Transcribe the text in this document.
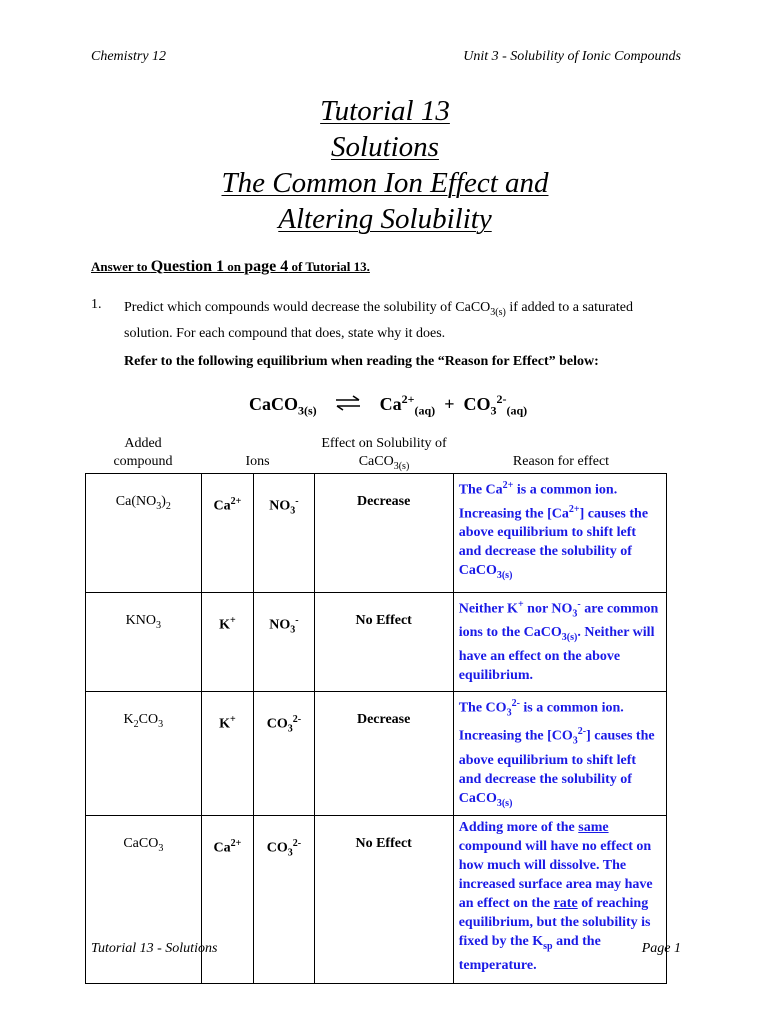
Chemistry 12	Unit 3 - Solubility of Ionic Compounds
Tutorial 13
Solutions
The Common Ion Effect and
Altering Solubility
Answer to Question 1 on page 4 of Tutorial 13.
1. Predict which compounds would decrease the solubility of CaCO$_{3(s)}$ if added to a saturated solution. For each compound that does, state why it does.
Refer to the following equilibrium when reading the “Reason for Effect” below:
CaCO$_{3(s)}$ ⇌ $Ca^{2+}_{(aq)} + CO_3^{2-}_{(aq)}$
Added
compound	Ions
Effect on Solubility of
CaCO$_{3(s)}$	Reason for effect
$Ca(NO_3)_2$	$Ca^{2+}$	$NO_3^-$	Decrease	The $Ca^{2+}$ is a common ion. Increasing the $[Ca^{2+}]$ causes the above equilibrium to shift left and decrease the solubility of CaCO$_{3(s)}$
$KNO_3$	K+	$NO_3^-$	No Effect	Neither K+ nor $NO_3^-$ are common ions to the CaCO$_{3(s)}$. Neither will have an effect on the above equilibrium.
$K_2CO_3$	K+	$CO_3^{2-}$	Decrease	The $CO_3^{2-}$ is a common ion. Increasing the $[CO_3^{2-}]$ causes the above equilibrium to shift left and decrease the solubility of CaCO$_{3(s)}$
CaCO$_3$	$Ca^{2+}$	$CO_3^{2-}$	No Effect	Adding more of the same compound will have no effect on how much will dissolve. The increased surface area may have an effect on the rate of reaching equilibrium, but the solubility is fixed by the $K_{sp}$ and the temperature.
Tutorial 13 - Solutions	Page 1
